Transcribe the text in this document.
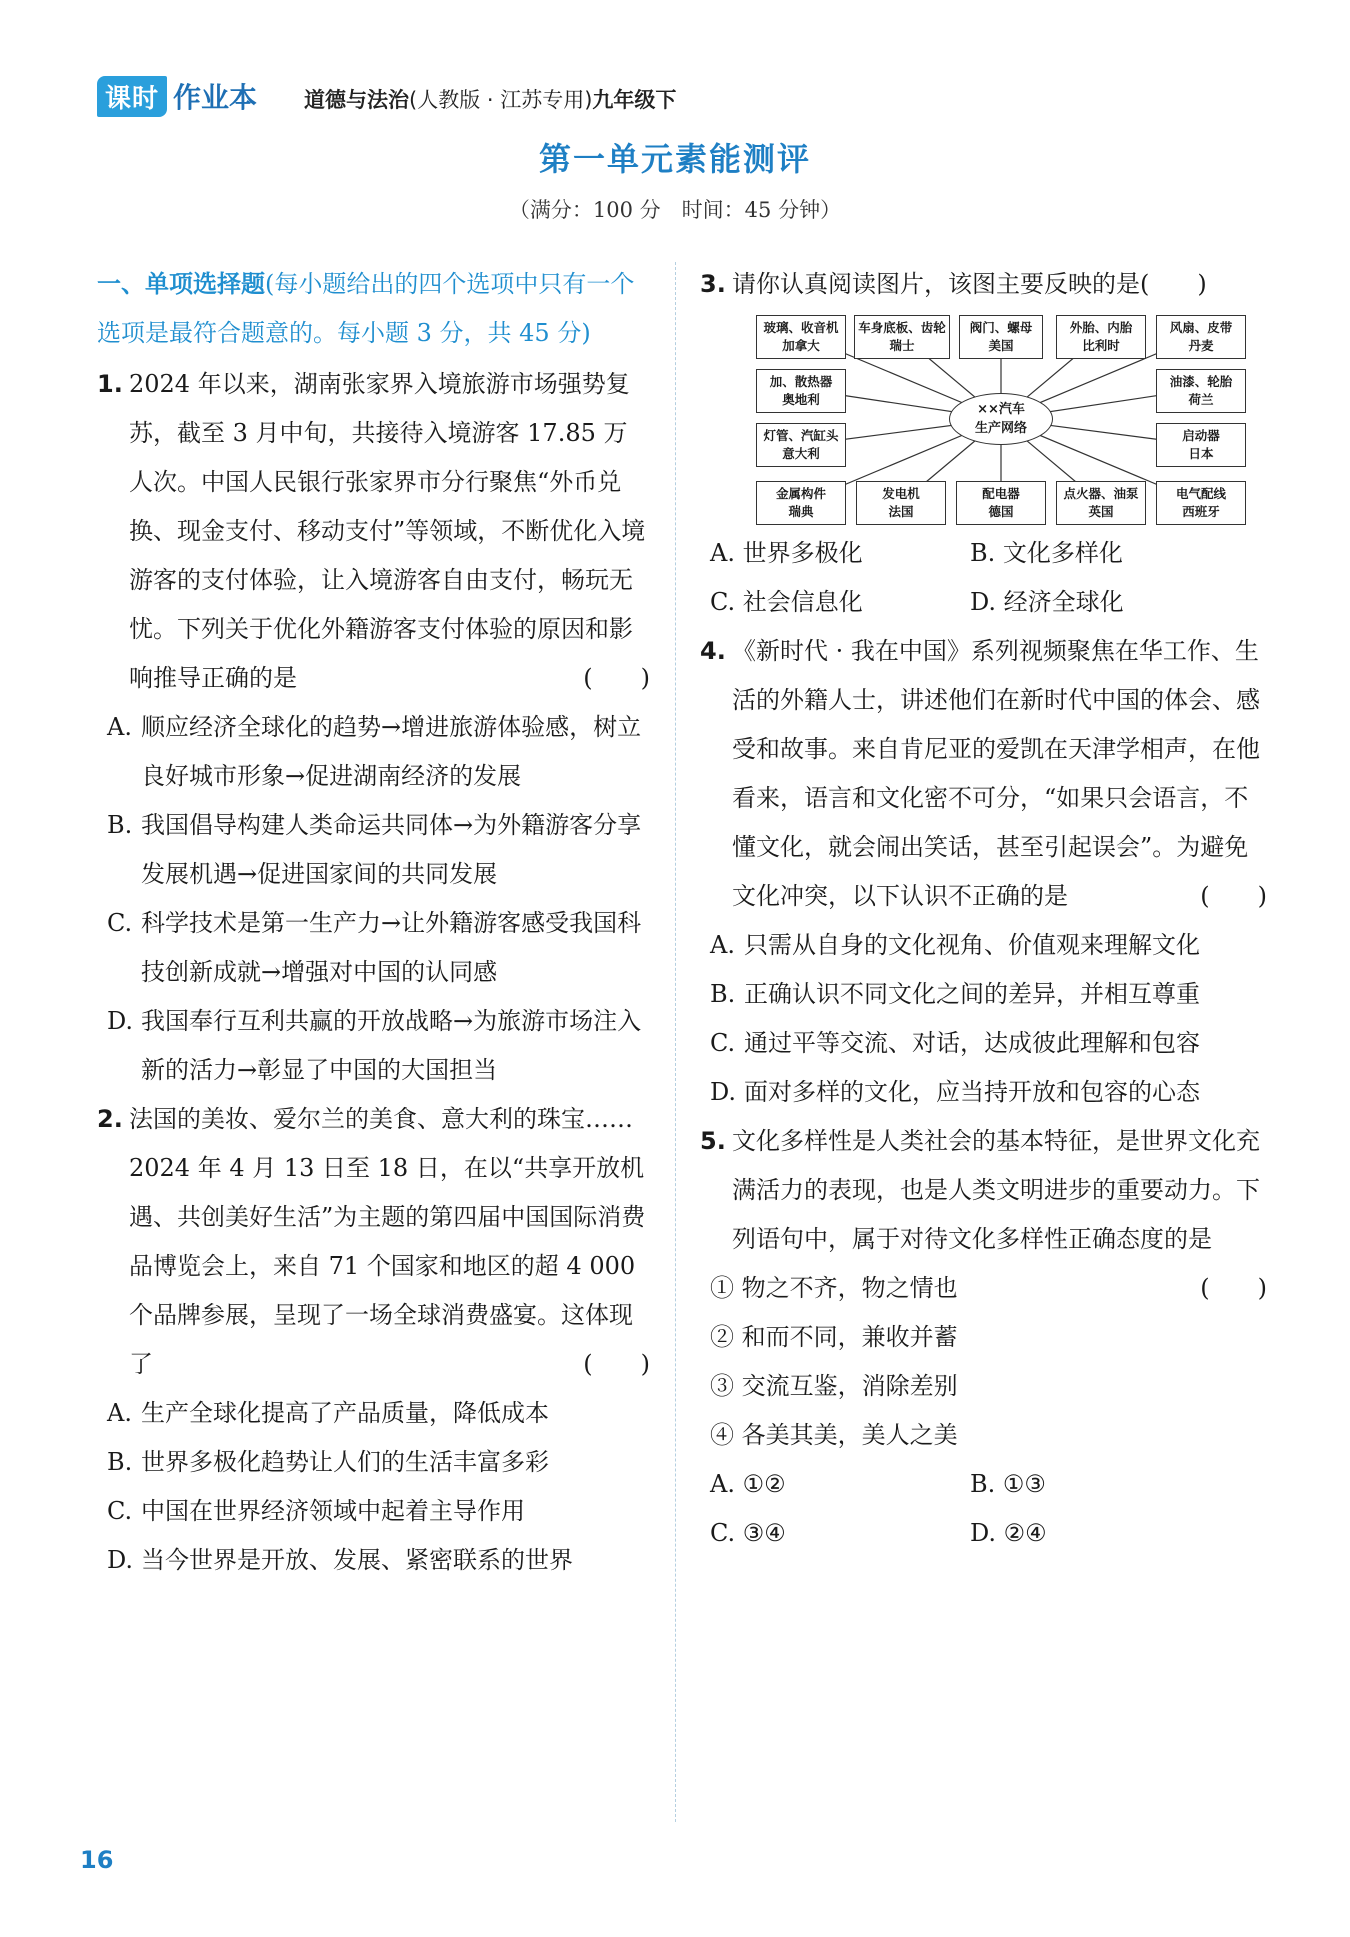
课时 作业本 道德与法治(人教版 · 江苏专用)九年级下
第一单元素能测评
（满分：100 分　时间：45 分钟）
一、单项选择题(每小题给出的四个选项中只有一个选项是最符合题意的。每小题 3 分，共 45 分)
1. 2024 年以来，湖南张家界入境旅游市场强势复苏，截至 3 月中旬，共接待入境游客 17.85 万人次。中国人民银行张家界市分行聚焦“外币兑换、现金支付、移动支付”等领域，不断优化入境游客的支付体验，让入境游客自由支付，畅玩无忧。下列关于优化外籍游客支付体验的原因和影响推导正确的是	(　　)
A. 顺应经济全球化的趋势→增进旅游体验感，树立良好城市形象→促进湖南经济的发展
B. 我国倡导构建人类命运共同体→为外籍游客分享发展机遇→促进国家间的共同发展
C. 科学技术是第一生产力→让外籍游客感受我国科技创新成就→增强对中国的认同感
D. 我国奉行互利共赢的开放战略→为旅游市场注入新的活力→彰显了中国的大国担当
2. 法国的美妆、爱尔兰的美食、意大利的珠宝……2024 年 4 月 13 日至 18 日，在以“共享开放机遇、共创美好生活”为主题的第四届中国国际消费品博览会上，来自 71 个国家和地区的超 4 000 个品牌参展，呈现了一场全球消费盛宴。这体现了	(　　)
A. 生产全球化提高了产品质量，降低成本
B. 世界多极化趋势让人们的生活丰富多彩
C. 中国在世界经济领域中起着主导作用
D. 当今世界是开放、发展、紧密联系的世界
3. 请你认真阅读图片，该图主要反映的是(　　)
玻璃、收音机
加拿大
车身底板、齿轮
瑞士
阀门、螺母
美国
外胎、内胎
比利时
风扇、皮带
丹麦
加、散热器
奥地利
油漆、轮胎
荷兰
灯管、汽缸头
意大利
启动器
日本
金属构件
瑞典
发电机
法国
配电器
德国
点火器、油泵
英国
电气配线
西班牙
××汽车
生产网络
A. 世界多极化	B. 文化多样化
C. 社会信息化	D. 经济全球化
4. 《新时代 · 我在中国》系列视频聚焦在华工作、生活的外籍人士，讲述他们在新时代中国的体会、感受和故事。来自肯尼亚的爱凯在天津学相声，在他看来，语言和文化密不可分，“如果只会语言，不懂文化，就会闹出笑话，甚至引起误会”。为避免文化冲突，以下认识不正确的是	(　　)
A. 只需从自身的文化视角、价值观来理解文化
B. 正确认识不同文化之间的差异，并相互尊重
C. 通过平等交流、对话，达成彼此理解和包容
D. 面对多样的文化，应当持开放和包容的心态
5. 文化多样性是人类社会的基本特征，是世界文化充满活力的表现，也是人类文明进步的重要动力。下列语句中，属于对待文化多样性正确态度的是
(　　)
① 物之不齐，物之情也
② 和而不同，兼收并蓄
③ 交流互鉴，消除差别
④ 各美其美，美人之美
A. ①②	B. ①③
C. ③④	D. ②④
16
